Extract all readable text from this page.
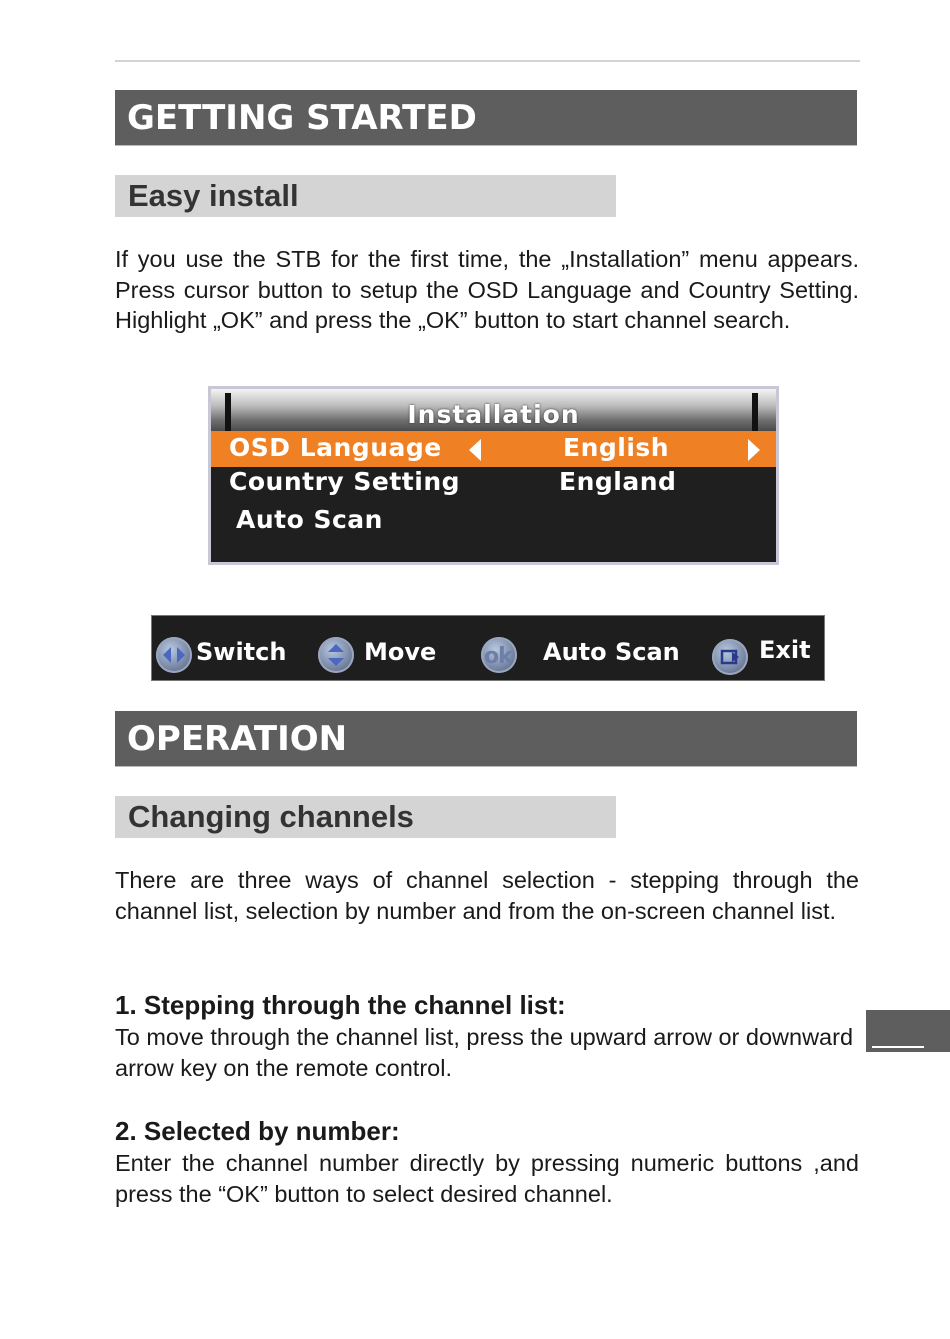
GETTING STARTED
Easy install

If you use the STB for the first time, the „Installation” menu appears. Press cursor button to setup the OSD Language and Country Setting. Highlight „OK” and press the „OK” button to start channel search.

Installation
OSD Language	English
Country Setting	England
Auto Scan
Switch	Move ok Auto Scan	Exit
OPERATION
Changing channels

There are three ways of channel selection - stepping through the channel list, selection by number and from the on-screen channel list.

1. Stepping through the channel list:

To move through the channel list, press the upward arrow or downward arrow key on the remote control.

2. Selected by number:

Enter the channel number directly by pressing numeric buttons ,and press the “OK” button to select desired channel.
